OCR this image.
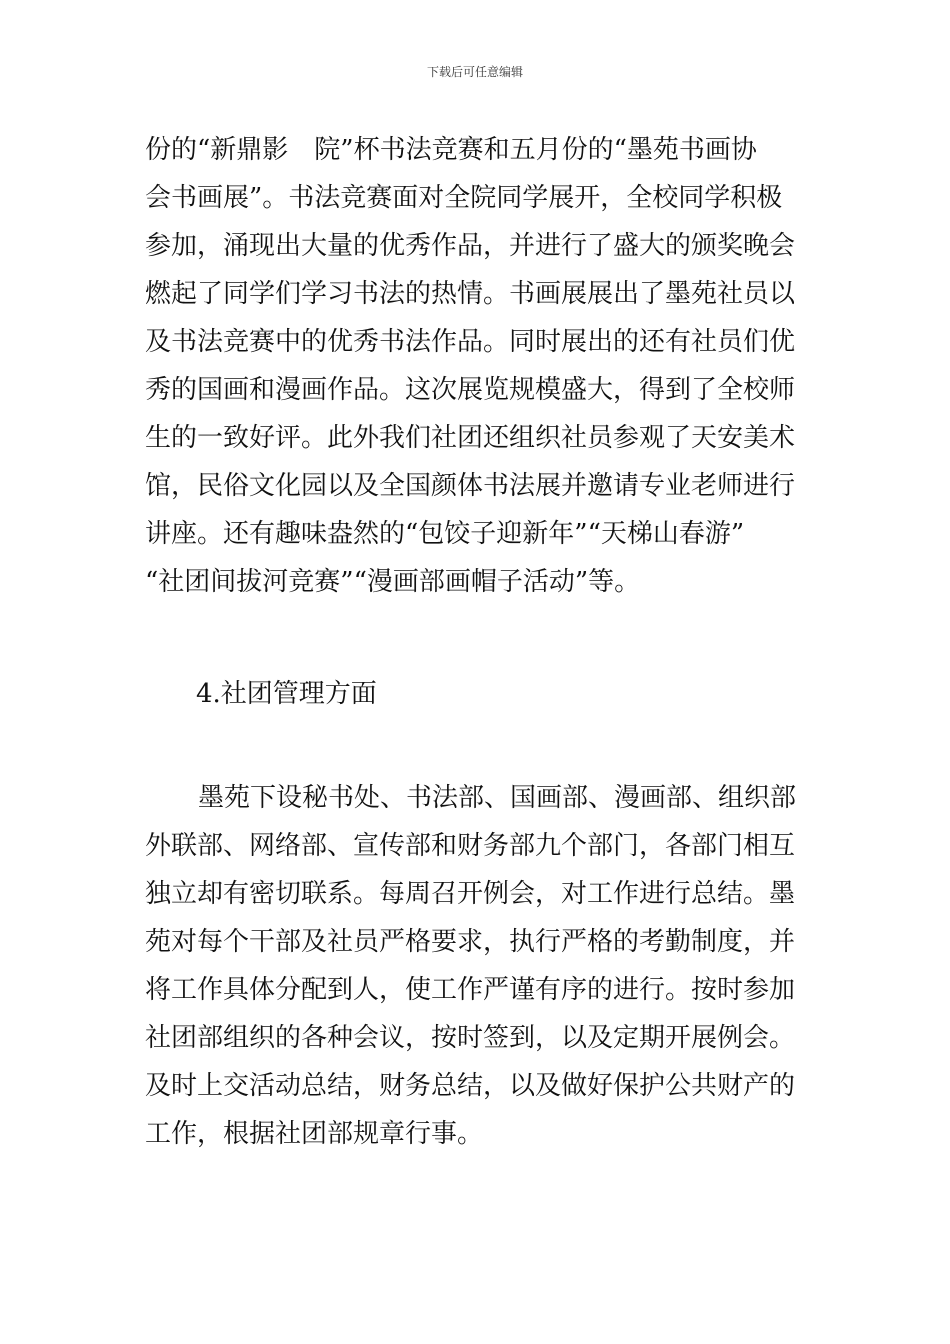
下载后可任意编辑

份的“新鼎影　院”杯书法竞赛和五月份的“墨苑书画协

会书画展”。书法竞赛面对全院同学展开，全校同学积极

参加，涌现出大量的优秀作品，并进行了盛大的颁奖晚会

燃起了同学们学习书法的热情。书画展展出了墨苑社员以

及书法竞赛中的优秀书法作品。同时展出的还有社员们优

秀的国画和漫画作品。这次展览规模盛大，得到了全校师

生的一致好评。此外我们社团还组织社员参观了天安美术

馆，民俗文化园以及全国颜体书法展并邀请专业老师进行

讲座。还有趣味盎然的“包饺子迎新年”“天梯山春游”

“社团间拔河竞赛”“漫画部画帽子活动”等。

4.社团管理方面

墨苑下设秘书处、书法部、国画部、漫画部、组织部

外联部、网络部、宣传部和财务部九个部门，各部门相互

独立却有密切联系。每周召开例会，对工作进行总结。墨

苑对每个干部及社员严格要求，执行严格的考勤制度，并

将工作具体分配到人，使工作严谨有序的进行。按时参加

社团部组织的各种会议，按时签到，以及定期开展例会。

及时上交活动总结，财务总结，以及做好保护公共财产的

工作，根据社团部规章行事。
